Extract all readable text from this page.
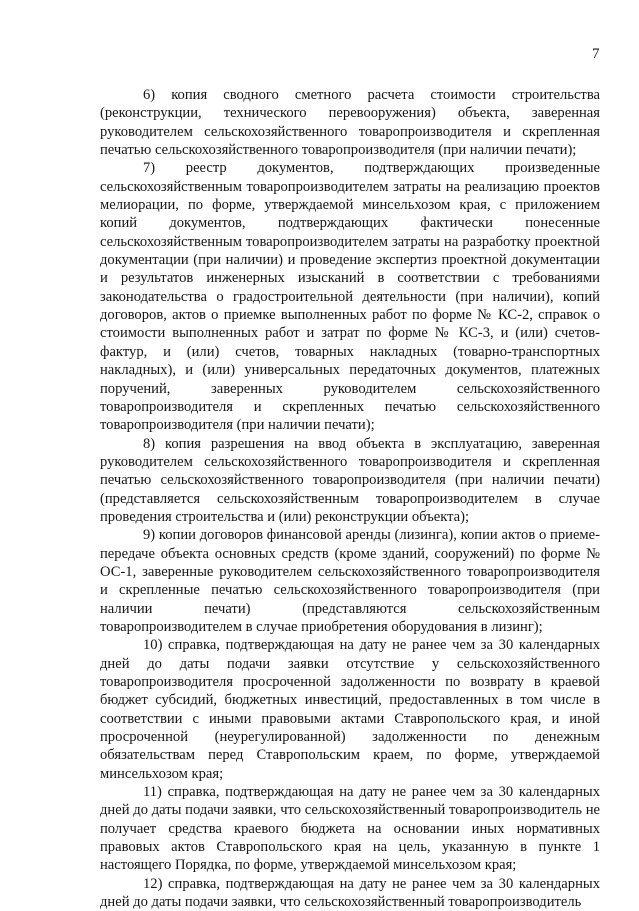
7

6) копия сводного сметного расчета стоимости строительства (реконструкции, технического перевооружения) объекта, заверенная руководителем сельскохозяйственного товаропроизводителя и скрепленная печатью сельскохозяйственного товаропроизводителя (при наличии печати);

7) реестр документов, подтверждающих произведенные сельскохозяйственным товаропроизводителем затраты на реализацию проектов мелиорации, по форме, утверждаемой минсельхозом края, с приложением копий документов, подтверждающих фактически понесенные сельскохозяйственным товаропроизводителем затраты на разработку проектной документации (при наличии) и проведение экспертиз проектной документации и результатов инженерных изысканий в соответствии с требованиями законодательства о градостроительной деятельности (при наличии), копий договоров, актов о приемке выполненных работ по форме № КС-2, справок о стоимости выполненных работ и затрат по форме № КС-3, и (или) счетов-фактур, и (или) счетов, товарных накладных (товарно-транспортных накладных), и (или) универсальных передаточных документов, платежных поручений, заверенных руководителем сельскохозяйственного товаропроизводителя и скрепленных печатью сельскохозяйственного товаропроизводителя (при наличии печати);

8) копия разрешения на ввод объекта в эксплуатацию, заверенная руководителем сельскохозяйственного товаропроизводителя и скрепленная печатью сельскохозяйственного товаропроизводителя (при наличии печати) (представляется сельскохозяйственным товаропроизводителем в случае проведения строительства и (или) реконструкции объекта);

9) копии договоров финансовой аренды (лизинга), копии актов о приеме-передаче объекта основных средств (кроме зданий, сооружений) по форме № ОС-1, заверенные руководителем сельскохозяйственного товаропроизводителя и скрепленные печатью сельскохозяйственного товаропроизводителя (при наличии печати) (представляются сельскохозяйственным товаропроизводителем в случае приобретения оборудования в лизинг);

10) справка, подтверждающая на дату не ранее чем за 30 календарных дней до даты подачи заявки отсутствие у сельскохозяйственного товаропроизводителя просроченной задолженности по возврату в краевой бюджет субсидий, бюджетных инвестиций, предоставленных в том числе в соответствии с иными правовыми актами Ставропольского края, и иной просроченной (неурегулированной) задолженности по денежным обязательствам перед Ставропольским краем, по форме, утверждаемой минсельхозом края;

11) справка, подтверждающая на дату не ранее чем за 30 календарных дней до даты подачи заявки, что сельскохозяйственный товаропроизводитель не получает средства краевого бюджета на основании иных нормативных правовых актов Ставропольского края на цель, указанную в пункте 1 настоящего Порядка, по форме, утверждаемой минсельхозом края;

12) справка, подтверждающая на дату не ранее чем за 30 календарных дней до даты подачи заявки, что сельскохозяйственный товаропроизводитель
